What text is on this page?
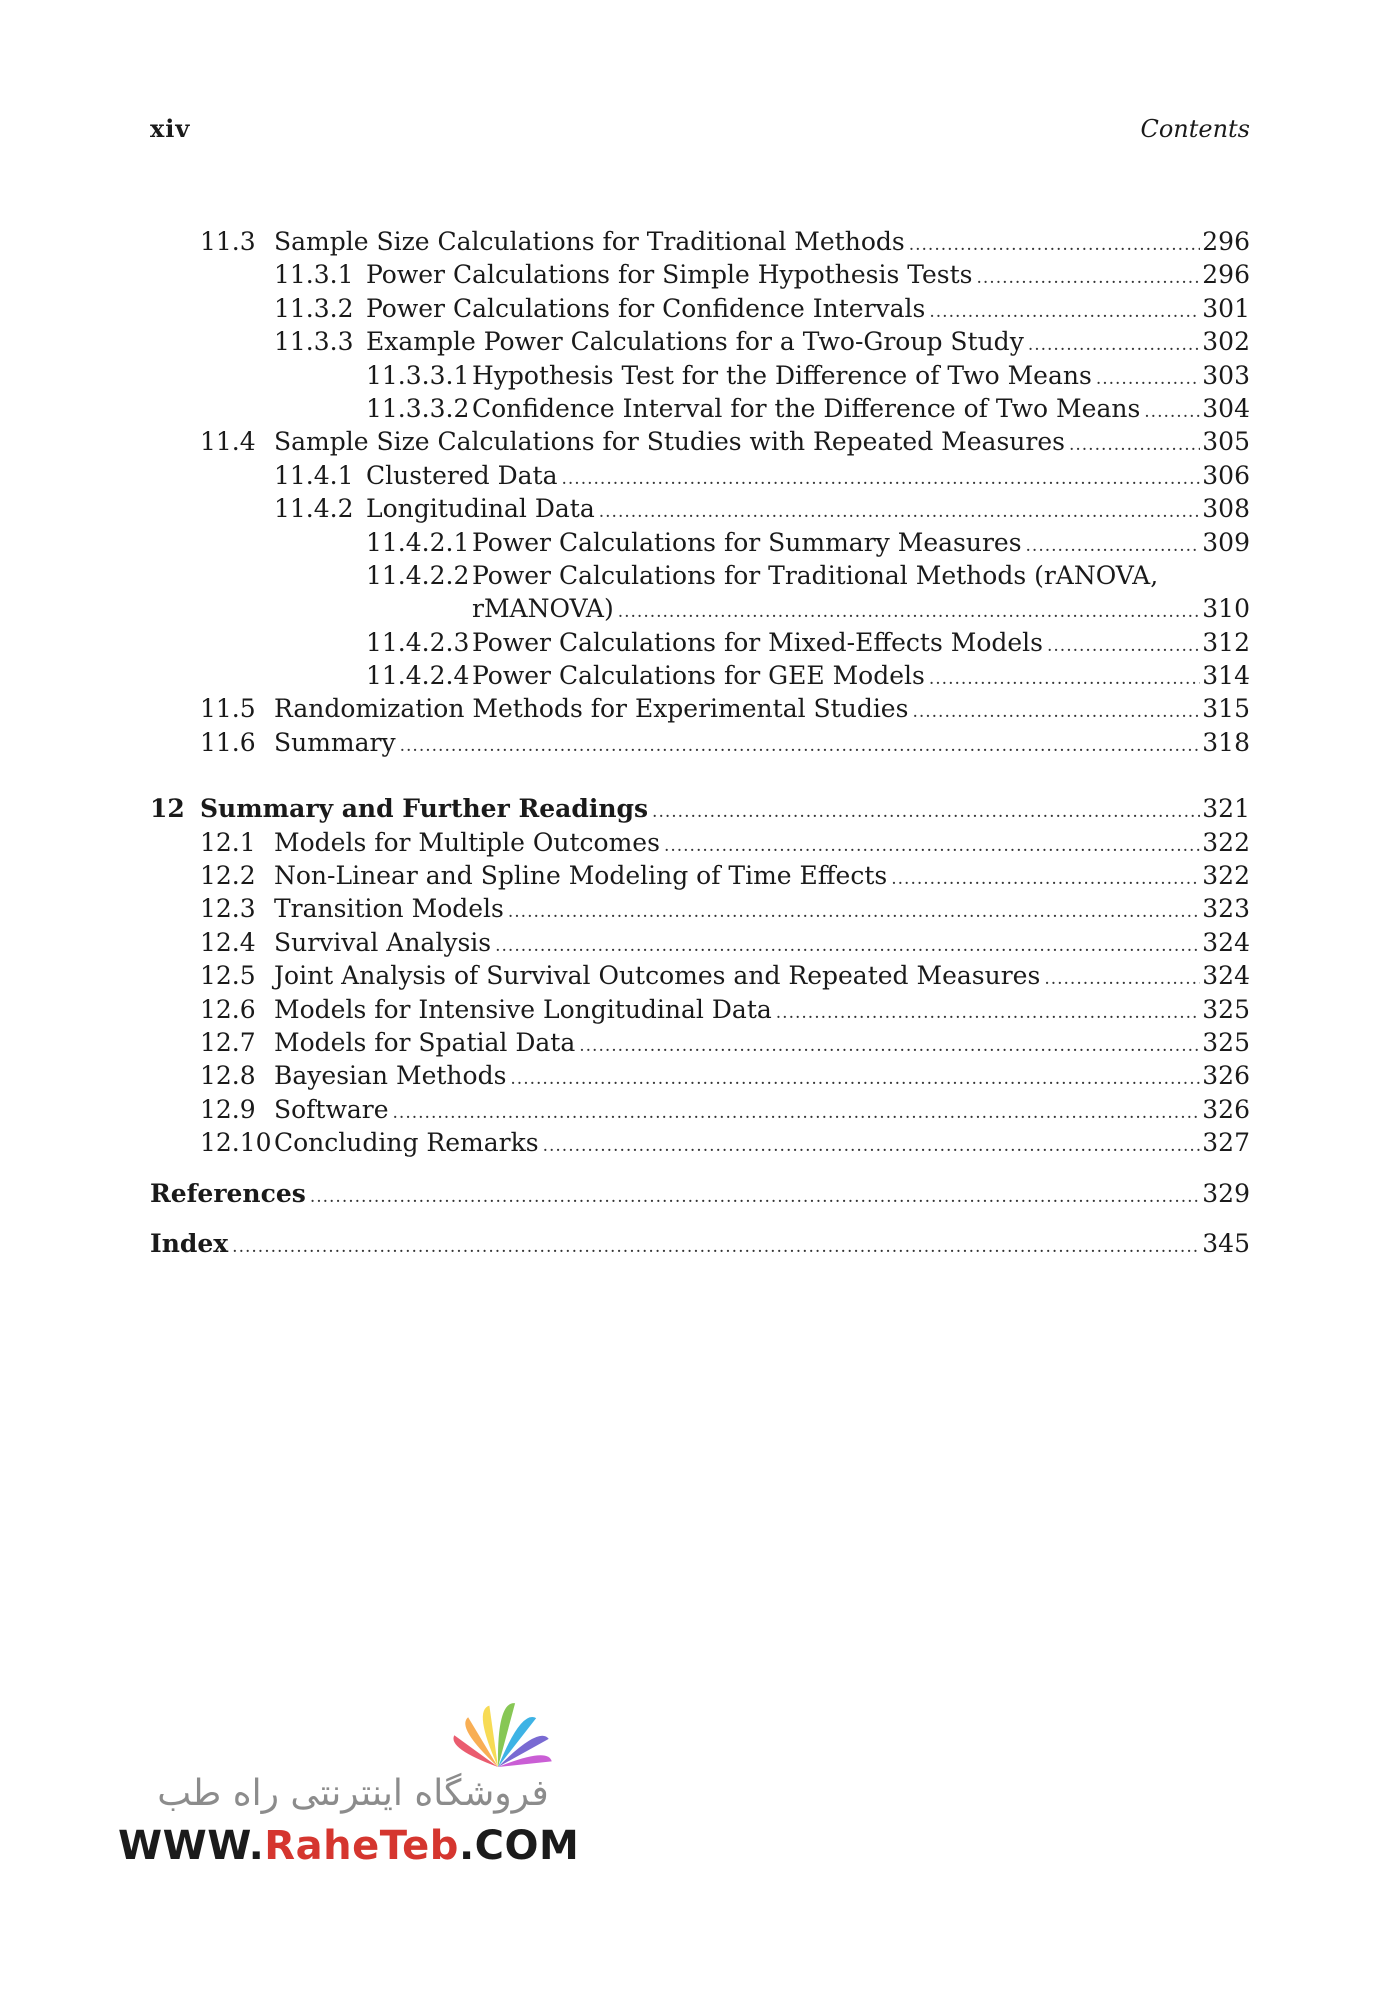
xiv	Contents
11.3 Sample Size Calculations for Traditional Methods .....	296
11.3.1 Power Calculations for Simple Hypothesis Tests .....	296
11.3.2 Power Calculations for Confidence Intervals .....	301
11.3.3 Example Power Calculations for a Two-Group Study .....	302
11.3.3.1 Hypothesis Test for the Difference of Two Means .....	303
11.3.3.2 Confidence Interval for the Difference of Two Means ..... 304
11.4 Sample Size Calculations for Studies with Repeated Measures .....	305
11.4.1 Clustered Data .....	306
11.4.2 Longitudinal Data .....	308
11.4.2.1 Power Calculations for Summary Measures .....	309
11.4.2.2 Power Calculations for Traditional Methods (rANOVA,
rMANOVA) .....	310
11.4.2.3 Power Calculations for Mixed-Effects Models .....	312
11.4.2.4 Power Calculations for GEE Models .....	314
11.5 Randomization Methods for Experimental Studies .....	315
11.6 Summary .....	318
12 Summary and Further Readings .....	321
12.1 Models for Multiple Outcomes .....	322
12.2 Non-Linear and Spline Modeling of Time Effects .....	322
12.3 Transition Models .....	323
12.4 Survival Analysis .....	324
12.5 Joint Analysis of Survival Outcomes and Repeated Measures .....	324
12.6 Models for Intensive Longitudinal Data .....	325
12.7 Models for Spatial Data .....	325
12.8 Bayesian Methods .....	326
12.9 Software .....	326
12.10 Concluding Remarks .....	327
References .....	329
Index .....	345
فروشگاه اینترنتی راه طب
WWW.RaheTeb.COM
